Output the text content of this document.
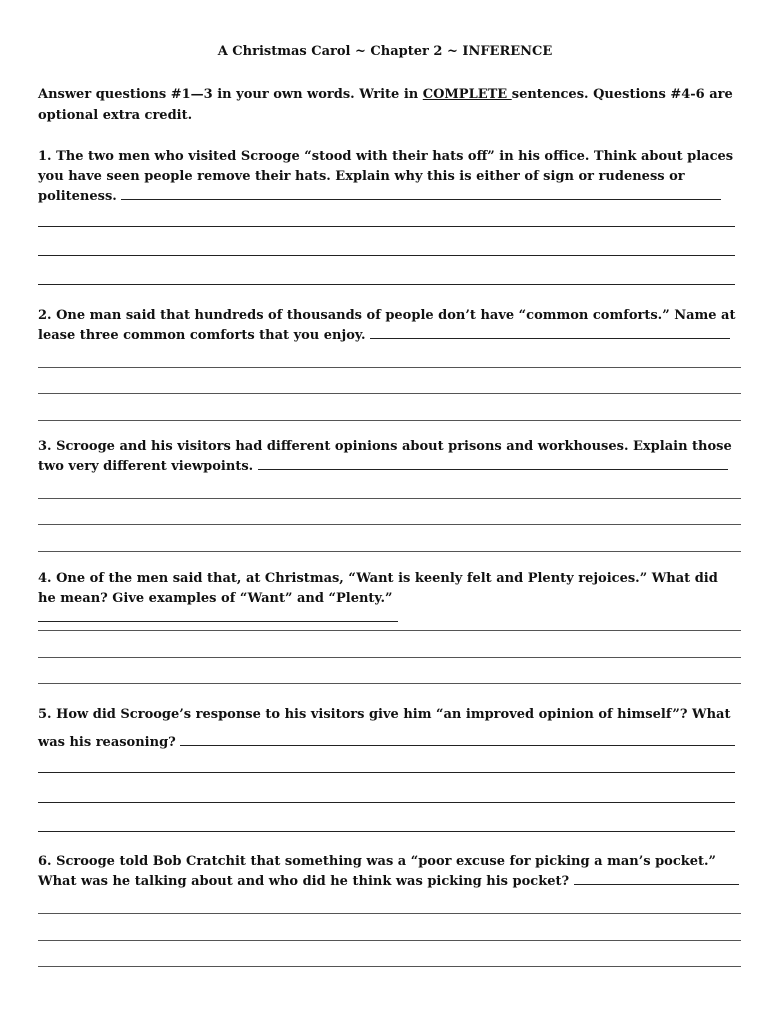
A Christmas Carol ~ Chapter 2 ~ INFERENCE
Answer questions #1—3 in your own words. Write in COMPLETE sentences. Questions #4-6 are optional extra credit.
1. The two men who visited Scrooge “stood with their hats off” in his office. Think about places you have seen people remove their hats. Explain why this is either of sign or rudeness or politeness.
2. One man said that hundreds of thousands of people don’t have “common comforts.” Name at lease three common comforts that you enjoy.
3. Scrooge and his visitors had different opinions about prisons and workhouses. Explain those two very different viewpoints.
4. One of the men said that, at Christmas, “Want is keenly felt and Plenty rejoices.” What did he mean? Give examples of “Want” and “Plenty.”
5. How did Scrooge’s response to his visitors give him “an improved opinion of himself”? What was his reasoning?
6. Scrooge told Bob Cratchit that something was a “poor excuse for picking a man’s pocket.” What was he talking about and who did he think was picking his pocket?
